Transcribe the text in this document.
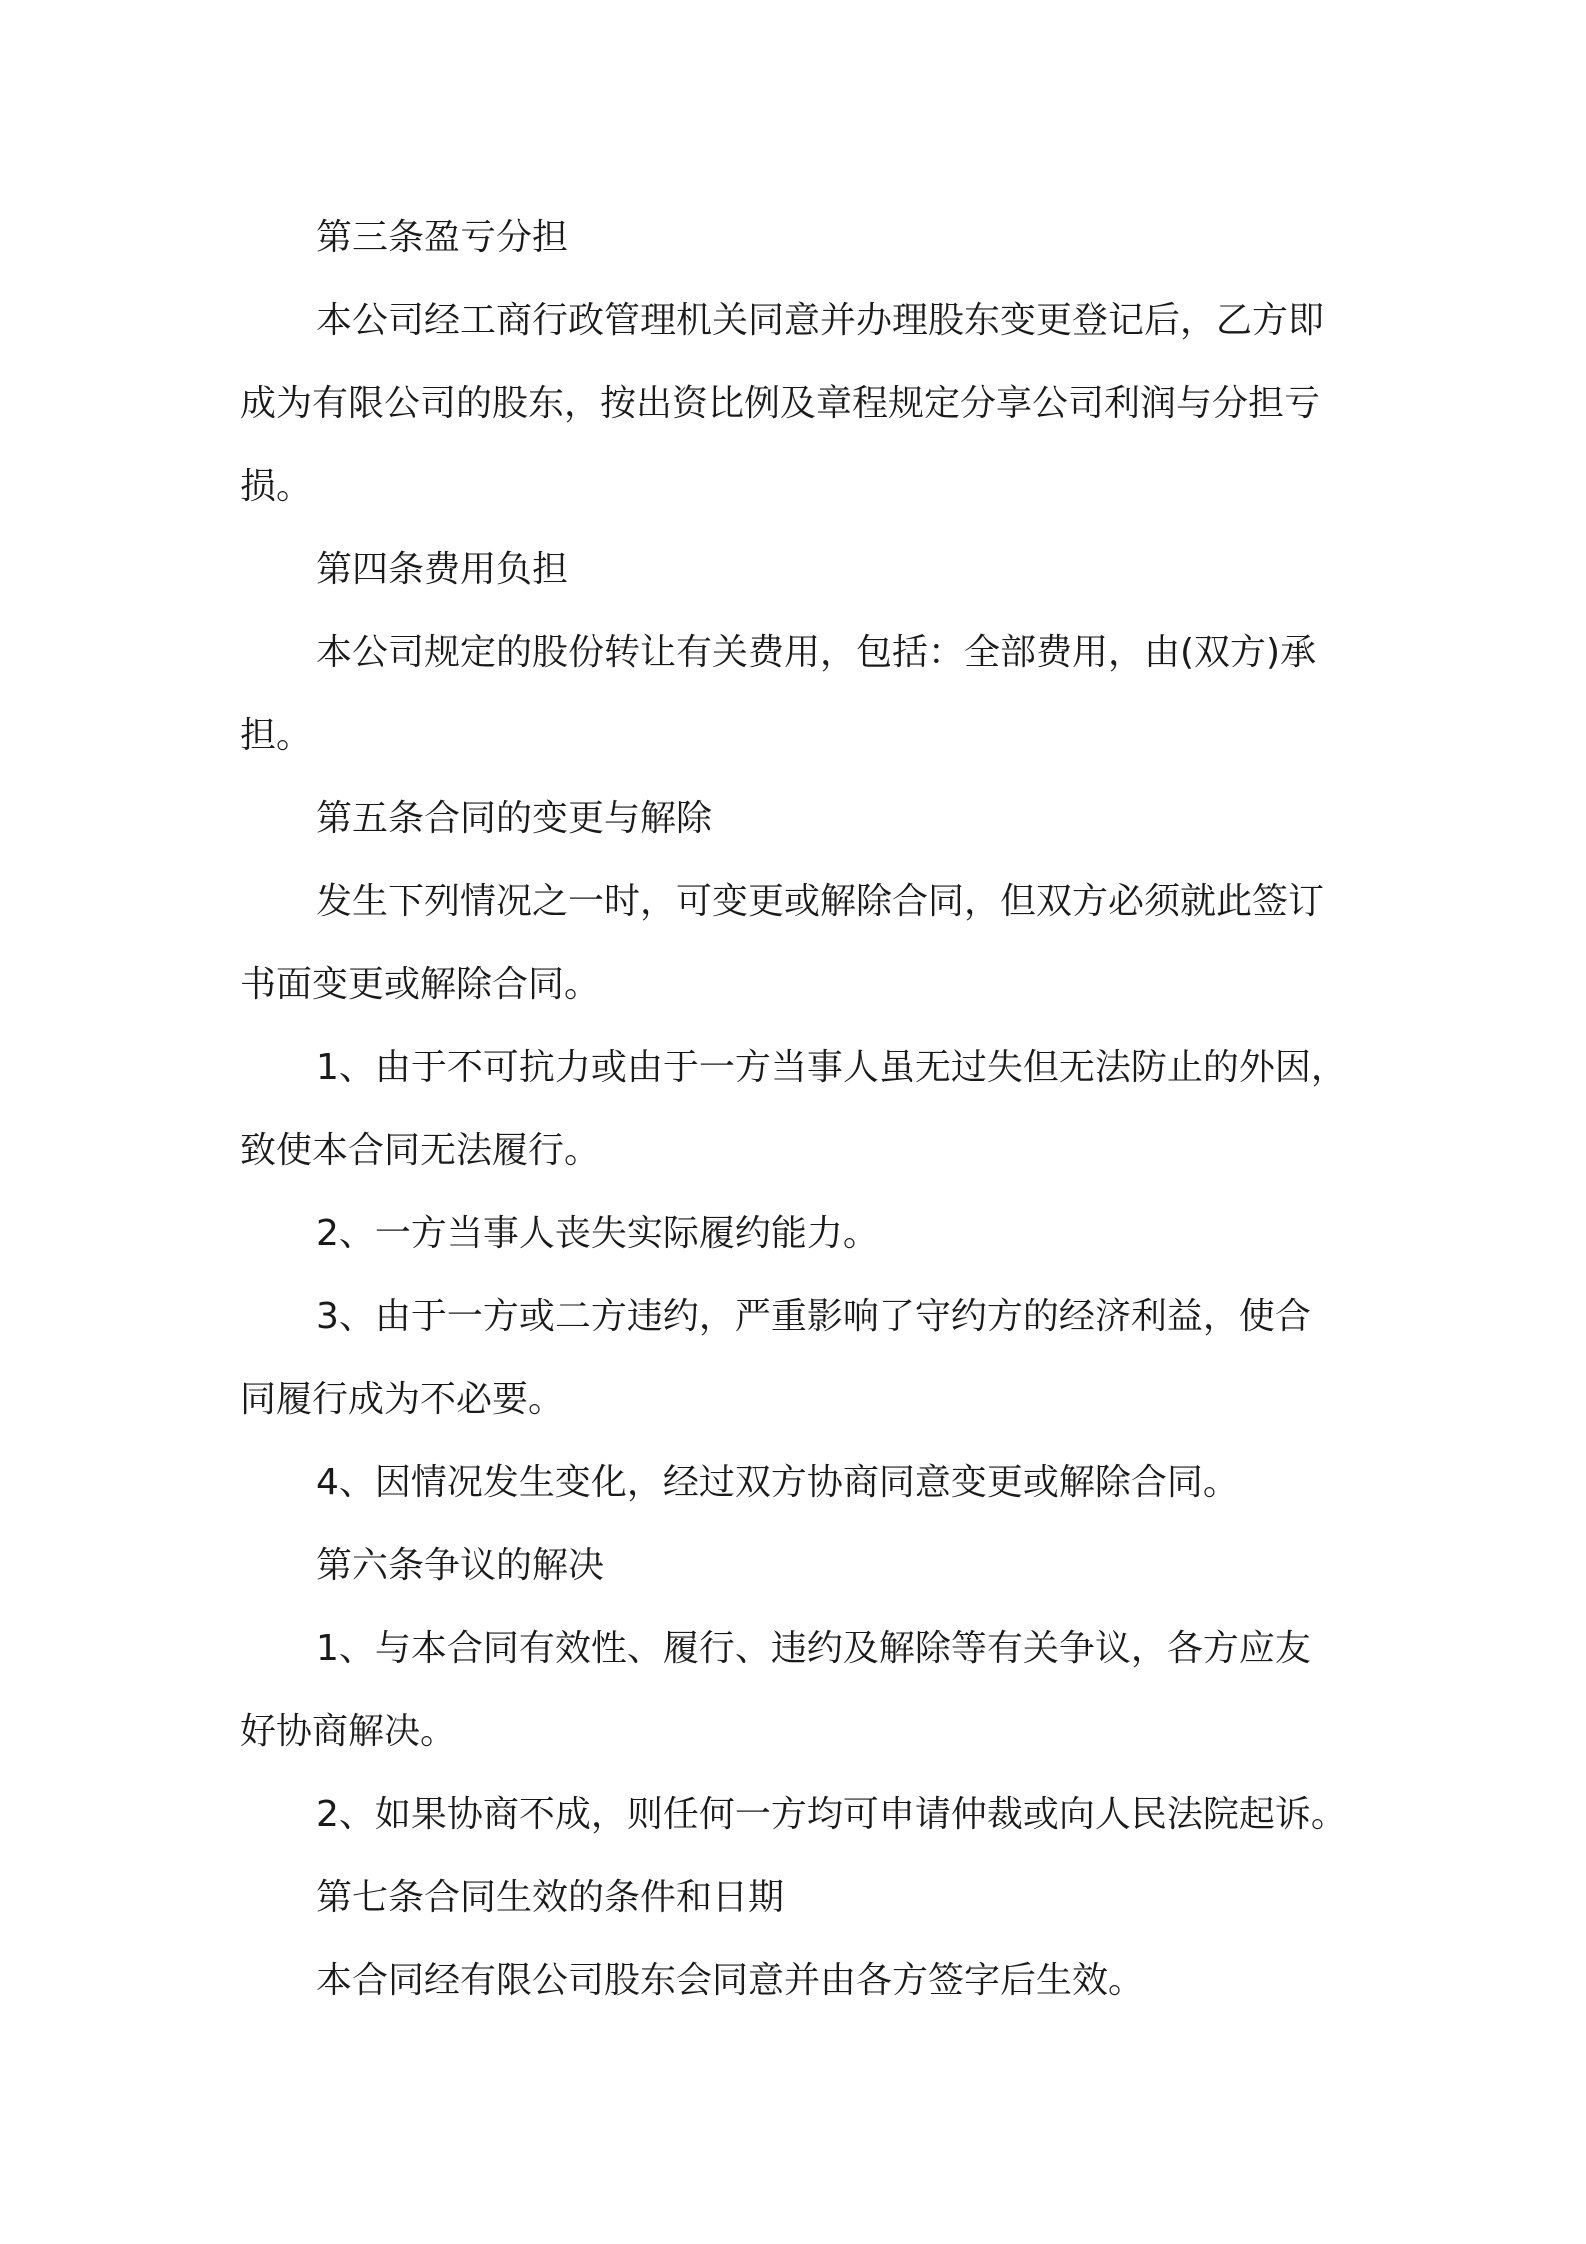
第三条盈亏分担

本公司经工商行政管理机关同意并办理股东变更登记后，乙方即
成为有限公司的股东，按出资比例及章程规定分享公司利润与分担亏
损。

第四条费用负担

本公司规定的股份转让有关费用，包括：全部费用，由(双方)承
担。

第五条合同的变更与解除

发生下列情况之一时，可变更或解除合同，但双方必须就此签订
书面变更或解除合同。
1、由于不可抗力或由于一方当事人虽无过失但无法防止的外因，
致使本合同无法履行。
2、一方当事人丧失实际履约能力。
3、由于一方或二方违约，严重影响了守约方的经济利益，使合
同履行成为不必要。
4、因情况发生变化，经过双方协商同意变更或解除合同。

第六条争议的解决

1、与本合同有效性、履行、违约及解除等有关争议，各方应友
好协商解决。
2、如果协商不成，则任何一方均可申请仲裁或向人民法院起诉。

第七条合同生效的条件和日期

本合同经有限公司股东会同意并由各方签字后生效。
